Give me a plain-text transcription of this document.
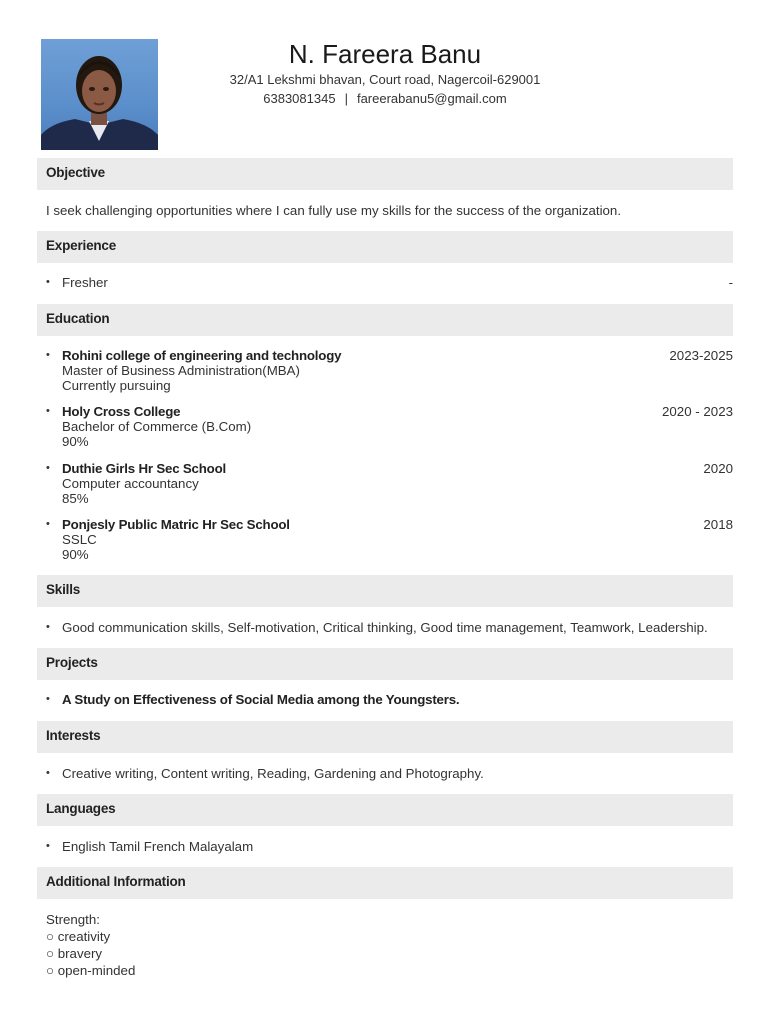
N. Fareera Banu
32/A1 Lekshmi bhavan, Court road, Nagercoil-629001
6383081345 | fareerabanu5@gmail.com
Objective
I seek challenging opportunities where I can fully use my skills for the success of the organization.
Experience
• Fresher	-
Education
• Rohini college of engineering and technology
Master of Business Administration(MBA)
Currently pursuing
2023-2025
• Holy Cross College
Bachelor of Commerce (B.Com)
90%
2020 - 2023
• Duthie Girls Hr Sec School
Computer accountancy
85%
2020
• Ponjesly Public Matric Hr Sec School
SSLC
90%
2018
Skills
• Good communication skills, Self-motivation, Critical thinking, Good time management, Teamwork, Leadership.
Projects
• A Study on Effectiveness of Social Media among the Youngsters.
Interests
• Creative writing, Content writing, Reading, Gardening and Photography.
Languages
• English Tamil French Malayalam
Additional Information
Strength:
○ creativity
○ bravery
○ open-minded
